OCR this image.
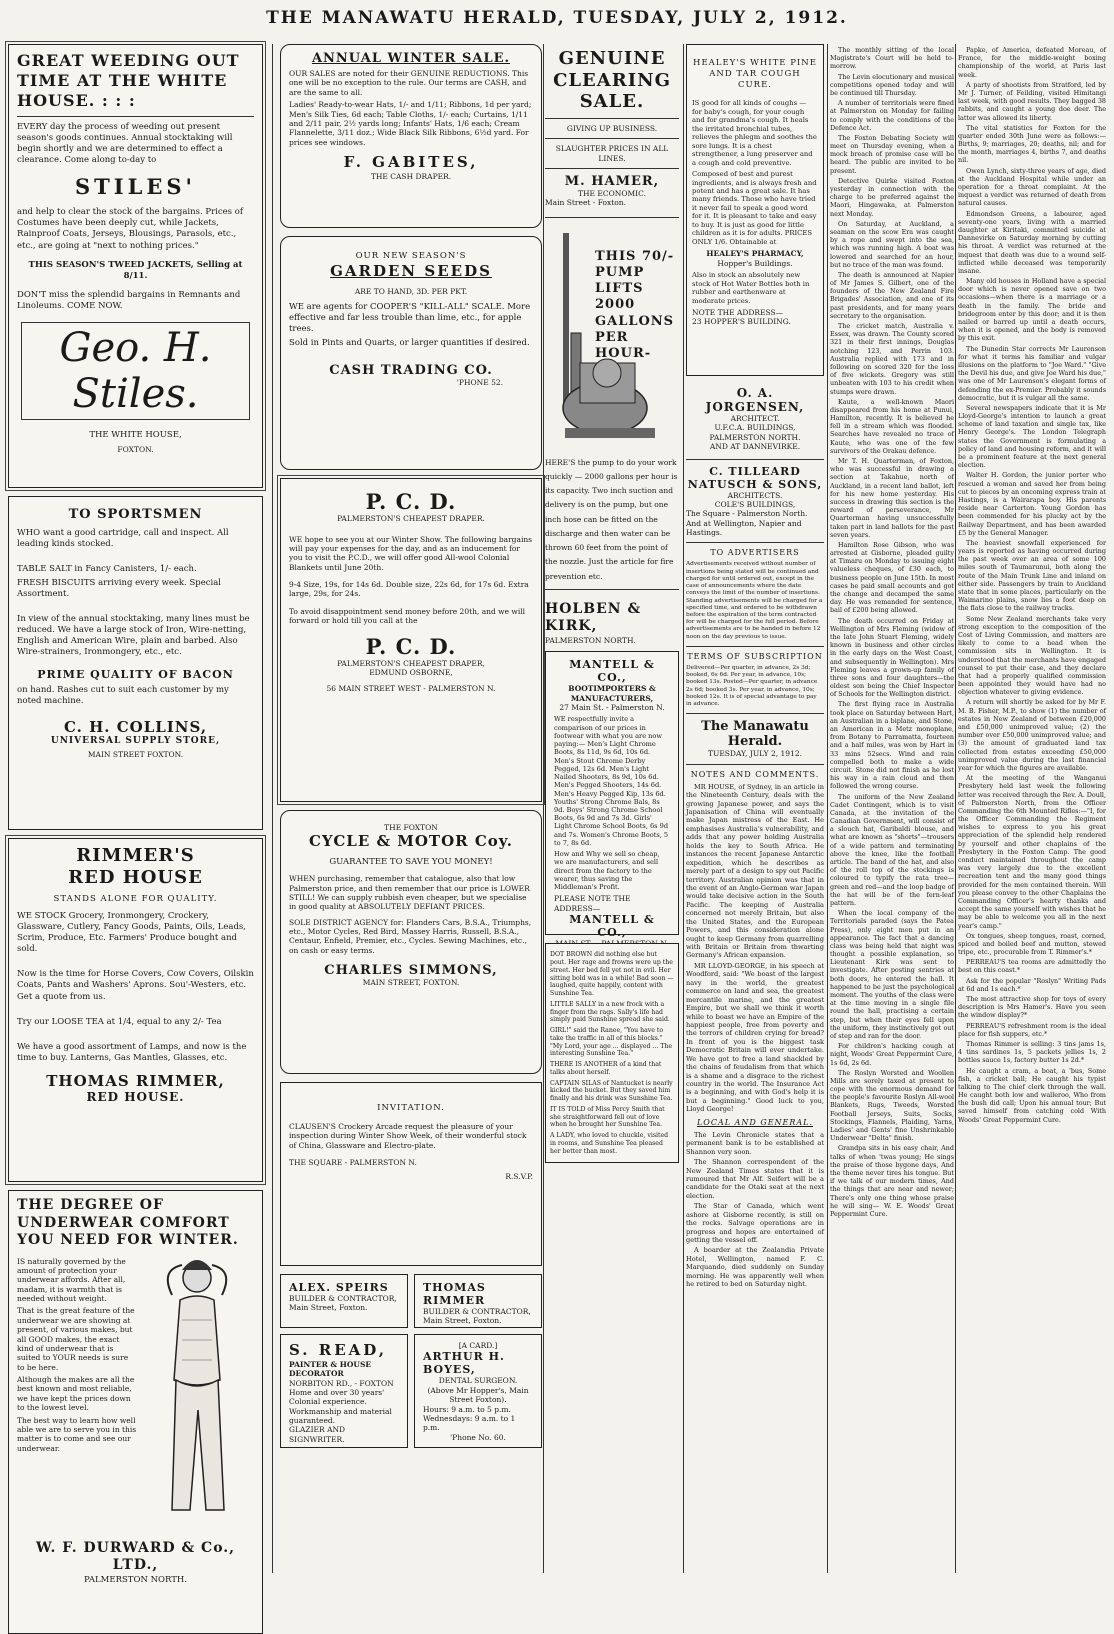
THE MANAWATU HERALD, TUESDAY, JULY 2, 1912.
GREAT WEEDING OUT TIME AT THE WHITE HOUSE. : : :

EVERY day the process of weeding out present season's goods continues. Annual stocktaking will begin shortly and we are determined to effect a clearance. Come along to-day to

STILES'

and help to clear the stock of the bargains. Prices of Costumes have been deeply cut, while Jackets, Rainproof Coats, Jerseys, Blousings, Parasols, etc., etc., are going at "next to nothing prices."

THIS SEASON'S TWEED JACKETS, Selling at 8/11.

DON'T miss the splendid bargains in Remnants and Linoleums. COME NOW.

Geo. H. Stiles.
THE WHITE HOUSE,
FOXTON.
TO SPORTSMEN

WHO want a good cartridge, call and inspect. All leading kinds stocked.

TABLE SALT in Fancy Canisters, 1/- each.

FRESH BISCUITS arriving every week. Special Assortment.

In view of the annual stocktaking, many lines must be reduced. We have a large stock of Iron, Wire-netting, English and American Wire, plain and barbed. Also Wire-strainers, Ironmongery, etc., etc.

PRIME QUALITY OF BACON

on hand. Rashes cut to suit each customer by my noted machine.

C. H. COLLINS,
UNIVERSAL SUPPLY STORE,
MAIN STREET FOXTON.
RIMMER'S
RED HOUSE
STANDS ALONE FOR QUALITY.

WE STOCK Grocery, Ironmongery, Crockery, Glassware, Cutlery, Fancy Goods, Paints, Oils, Leads, Scrim, Produce, Etc. Farmers' Produce bought and sold.

Now is the time for Horse Covers, Cow Covers, Oilskin Coats, Pants and Washers' Aprons. Sou'-Westers, etc. Get a quote from us.

Try our LOOSE TEA at 1/4, equal to any 2/- Tea

We have a good assortment of Lamps, and now is the time to buy. Lanterns, Gas Mantles, Glasses, etc.

THOMAS RIMMER,
RED HOUSE.
THE DEGREE OF UNDERWEAR COMFORT YOU NEED FOR WINTER.

IS naturally governed by the amount of protection your underwear affords. After all, madam, it is warmth that is needed without weight.

That is the great feature of the underwear we are showing at present, of various makes, but all GOOD makes, the exact kind of underwear that is suited to YOUR needs is sure to be here.

Although the makes are all the best known and most reliable, we have kept the prices down to the lowest level.

The best way to learn how well able we are to serve you in this matter is to come and see our underwear.

W. F. DURWARD & Co., LTD.,
PALMERSTON NORTH.
ANNUAL WINTER SALE.

OUR SALES are noted for their GENUINE REDUCTIONS. This one will be no exception to the rule. Our terms are CASH, and are the same to all.

Ladies' Ready-to-wear Hats, 1/- and 1/11; Ribbons, 1d per yard; Men's Silk Ties, 6d each; Table Cloths, 1/- each; Curtains, 1/11 and 2/11 pair, 2½ yards long; Infants' Hats, 1/6 each; Cream Flannelette, 3/11 doz.; Wide Black Silk Ribbons, 6½d yard. For prices see windows.

F. GABITES,
THE CASH DRAPER.
OUR NEW SEASON'S
GARDEN SEEDS
ARE TO HAND, 3D. PER PKT.

WE are agents for COOPER'S "KILL-ALL" SCALE. More effective and far less trouble than lime, etc., for apple trees.

Sold in Pints and Quarts, or larger quantities if desired.

CASH TRADING CO.
'PHONE 52.
P. C. D.
PALMERSTON'S CHEAPEST DRAPER.

WE hope to see you at our Winter Show. The following bargains will pay your expenses for the day, and as an inducement for you to visit the P.C.D., we will offer good All-wool Colonial Blankets until June 20th.

9-4 Size, 19s, for 14s 6d. Double size, 22s 6d, for 17s 6d. Extra large, 29s, for 24s.

To avoid disappointment send money before 20th, and we will forward or hold till you call at the

P. C. D.
PALMERSTON'S CHEAPEST DRAPER,
EDMUND OSBORNE,
56 MAIN STREET WEST - PALMERSTON N.
THE FOXTON
CYCLE & MOTOR Coy.
GUARANTEE TO SAVE YOU MONEY!

WHEN purchasing, remember that catalogue, also that low Palmerston price, and then remember that our price is LOWER STILL! We can supply rubbish even cheaper, but we specialise in good quality at ABSOLUTELY DEFIANT PRICES.

SOLE DISTRICT AGENCY for: Flanders Cars, B.S.A., Triumphs, etc., Motor Cycles, Red Bird, Massey Harris, Russell, B.S.A., Centaur, Enfield, Premier, etc., Cycles. Sewing Machines, etc., on cash or easy terms.

CHARLES SIMMONS,
MAIN STREET, FOXTON.
INVITATION.

CLAUSEN'S Crockery Arcade request the pleasure of your inspection during Winter Show Week, of their wonderful stock of China, Glassware and Electro-plate.

THE SQUARE - PALMERSTON N.
R.S.V.P.
ALEX. SPEIRS
BUILDER & CONTRACTOR,
Main Street, Foxton.
THOMAS RIMMER
BUILDER & CONTRACTOR,
Main Street, Foxton.
S. READ,
PAINTER & HOUSE DECORATOR
NORBITON RD., - FOXTON
Home and over 30 years' Colonial experience. Workmanship and material guaranteed.
GLAZIER AND SIGNWRITER.
[A CARD.]
ARTHUR H. BOYES,
DENTAL SURGEON.
(Above Mr Hopper's, Main Street Foxton).
Hours: 9 a.m. to 5 p.m. Wednesdays: 9 a.m. to 1 p.m.
'Phone No. 60.
GENUINE CLEARING SALE.
GIVING UP BUSINESS.
SLAUGHTER PRICES IN ALL LINES.
M. HAMER,
THE ECONOMIC.
Main Street - Foxton.
THIS 70/- PUMP LIFTS 2000 GALLONS PER HOUR-

HERE'S the pump to do your work quickly — 2000 gallons per hour is its capacity. Two inch suction and delivery is on the pump, but one inch hose can be fitted on the discharge and then water can be thrown 60 feet from the point of the nozzle. Just the article for fire prevention etc.

HOLBEN & KIRK,
PALMERSTON NORTH.
MANTELL & CO.,
BOOTIMPORTERS & MANUFACTURERS,
27 Main St. - Palmerston N.

WE respectfully invite a comparison of our prices in footwear with what you are now paying:— Men's Light Chrome Boots, 8s 11d, 9s 6d, 10s 6d. Men's Stout Chrome Derby Pegged, 12s 6d. Men's Light Nailed Shooters, 8s 9d, 10s 6d. Men's Pegged Shooters, 14s 6d. Men's Heavy Pegged Kip, 13s 6d. Youths' Strong Chrome Bals, 8s 9d. Boys' Strong Chrome School Boots, 6s 9d and 7s 3d. Girls' Light Chrome School Boots, 6s 9d and 7s. Women's Chrome Boots, 5 to 7, 8s 6d.

How and Why we sell so cheap, we are manufacturers, and sell direct from the factory to the wearer, thus saving the Middleman's Profit.

PLEASE NOTE THE ADDRESS—
MANTELL & CO.,

DOT BROWN did nothing else but pout. Her rage and frowns were up the street. Her bed fell yet not in evil. Her sitting bold was in a while! Bad soon — laughed, quite happily, content with Sunshine Tea.

LITTLE SALLY in a new frock with a finger from the rags. Sally's life had simply paid Sunshine spread she said.

GIRL!" said the Ranee, "You have to take the traffic in all of this blocks." "My Lord, your age ... displayed ... The interesting Sunshine Tea."

THERE IS ANOTHER of a kind that talks about herself.

CAPTAIN SILAS of Nantucket is nearly kicked the bucket. But they saved him finally and his drink was Sunshine Tea.

IT IS TOLD of Miss Percy Smith that she straightforward fell out of love when he brought her Sunshine Tea.

A LADY, who loved to chuckle, visited in rooms, and Sunshine Tea pleased her better than most.

HEALEY'S WHITE PINE AND TAR COUGH CURE.

IS good for all kinds of coughs — for baby's cough, for your cough and for grandma's cough. It heals the irritated bronchial tubes, relieves the phlegm and soothes the sore lungs. It is a chest strengthener, a lung preserver and a cough and cold preventive.

Composed of best and purest ingredients, and is always fresh and potent and has a great sale. It has many friends. Those who have tried it never fail to speak a good word for it. It is pleasant to take and easy to buy. It is just as good for little children as it is for adults. PRICES ONLY 1/6. Obtainable at

HEALEY'S PHARMACY,
Hopper's Buildings.

Also in stock an absolutely new stock of Hot Water Bottles both in rubber and earthenware at moderate prices.

NOTE THE ADDRESS—
23 HOPPER'S BUILDING.
O. A. JORGENSEN,
ARCHITECT.
U.F.C.A. BUILDINGS, PALMERSTON NORTH.
AND AT DANNEVIRKE.
C. TILLEARD NATUSCH & SONS,
ARCHITECTS.
COLE'S BUILDINGS,
The Square - Palmerston North.
And at Wellington, Napier and Hastings.
TO ADVERTISERS

Advertisements received without number of insertions being stated will be continued and charged for until ordered out, except in the case of announcements where the date conveys the limit of the number of insertions. Standing advertisements will be charged for a specified time, and ordered to be withdrawn before the expiration of the term contracted for will be charged for the full period. Before advertisements are to be handed in before 12 noon on the day previous to issue.

TERMS OF SUBSCRIPTION

Delivered—Per quarter, in advance, 2s 3d; booked, 6s 6d. Per year, in advance, 10s; booked 13s. Posted—Per quarter, in advance 2s 6d; booked 3s. Per year, in advance, 10s; booked 12s. It is of special advantage to pay in advance.

The Manawatu Herald.
TUESDAY, JULY 2, 1912.
NOTES AND COMMENTS.

MR HOUSE, of Sydney, in an article in the Nineteenth Century, deals with the growing Japanese power, and says the Japanisation of China will eventually make Japan mistress of the East. He emphasises Australia's vulnerability, and adds that any power holding Australia holds the key to South Africa. He instances the recent Japanese Antarctic expedition, which he describes as merely part of a design to spy out Pacific territory. Australian opinion was that in the event of an Anglo-German war Japan would take decisive action in the South Pacific. The keeping of Australia concerned not merely Britain, but also the United States, and the European Powers, and this consideration alone ought to keep Germany from quarrelling with Britain or Britain from thwarting Germany's African expansion.

MR LLOYD-GEORGE, in his speech at Woodford, said: "We boast of the largest navy in the world, the greatest commerce on land and sea, the greatest mercantile marine, and the greatest Empire, but we shall we think it worth while to boast we have an Empire of the happiest people, free from poverty and the terrors of children crying for bread? In front of you is the biggest task Democratic Britain will ever undertake. We have got to free a land shackled by the chains of feudalism from that which is a shame and a disgrace to the richest country in the world. The Insurance Act is a beginning, and with God's help it is but a beginning." Good luck to you, Lloyd George!

LOCAL AND GENERAL.

The Levin Chronicle states that a permanent bank is to be established at Shannon very soon.

The Shannon correspondent of the New Zealand Times states that it is rumoured that Mr Alf. Seifert will be a candidate for the Otaki seat at the next election.

The Star of Canada, which went ashore at Gisborne recently, is still on the rocks. Salvage operations are in progress and hopes are entertained of getting the vessel off.

A boarder at the Zealandia Private Hotel, Wellington, named F. C. Marquando, died suddenly on Sunday morning. He was apparently well when he retired to bed on Saturday night.

The monthly sitting of the local Magistrate's Court will be held to-morrow.

The Levin elocutionary and musical competitions opened today and will be continued till Thursday.

A number of territorials were fined at Palmerston on Monday for failing to comply with the conditions of the Defence Act.

The Foxton Debating Society will meet on Thursday evening, when a mock breach of promise case will be heard. The public are invited to be present.

Detective Quirke visited Foxton yesterday in connection with the charge to be preferred against the Maori, Hingawaka, at Palmerston next Monday.

On Saturday, at Auckland, a seaman on the scow Era was caught by a rope and swept into the sea, which was running high. A boat was lowered and searched for an hour, but no trace of the man was found.

The death is announced at Napier of Mr James S. Gilbert, one of the founders of the New Zealand Fire Brigades' Association, and one of its past presidents, and for many years secretary to the organisation.

The cricket match, Australia v. Essex, was drawn. The County scored 321 in their first innings, Douglas notching 123, and Perrin 103. Australia replied with 173 and in following on scored 320 for the loss of five wickets. Gregory was still unbeaten with 103 to his credit when stumps were drawn.

Kaute, a well-known Maori disappeared from his home at Punui, Hamilton, recently. It is believed he fell in a stream which was flooded. Searches have revealed no trace of Kaute, who was one of the few survivors of the Orakau defence.

Mr T. H. Quarterman, of Foxton, who was successful in drawing a section at Takahue, north of Auckland, in a recent land ballot, left for his new home yesterday. His success in drawing this section is the reward of perseverance, Mr Quarterman having unsuccessfully taken part in land ballots for the past seven years.

Hamilton Rose Gibson, who was arrested at Gisborne, pleaded guilty at Timaru on Monday to issuing eight valueless cheques, of £30 each, to business people on June 15th. In most cases he paid small accounts and got the change and decamped the same day. He was remanded for sentence, bail of £200 being allowed.

The death occurred on Friday at Wellington of Mrs Fleming (widow of the late John Stuart Fleming, widely known in business and other circles in the early days on the West Coast, and subsequently in Wellington). Mrs Fleming leaves a grown-up family of three sons and four daughters—the eldest son being the Chief Inspector of Schools for the Wellington district.

The first flying race in Australia took place on Saturday between Hart, an Australian in a biplane, and Stone, an American in a Metz monoplane, from Botany to Parramatta, fourteen and a half miles, was won by Hart in 33 mins 52secs. Wind and rain compelled both to make a wide circuit. Stone did not finish as he lost his way in a rain cloud and then followed the wrong course.

The uniform of the New Zealand Cadet Contingent, which is to visit Canada, at the invitation of the Canadian Government, will consist of a slouch hat, Garibaldi blouse, and what are known as "shorts"—trousers of a wide pattern and terminating above the knee, like the football article. The band of the hat, and also of the roll top of the stockings is coloured to typify the rata tree—green and red—and the loop badge of the hat will be of the fern-leaf pattern.

When the local company of the Territorials paraded (says the Patea Press), only eight men put in an appearance. The fact that a dancing class was being held that night was thought a possible explanation, so Lieutenant Kirk was sent to investigate. After posting sentries at both doors, he entered the hall. It happened to be just the psychological moment. The youths of the class were at the time moving in a single file round the hall, practising a certain step, but when their eyes fell upon the uniform, they instinctively got out of step and ran for the door.

For children's hacking cough at night, Woods' Great Peppermint Cure, 1s 6d, 2s 6d.

The Roslyn Worsted and Woollen Mills are sorely taxed at present to cope with the enormous demand for the people's favourite Roslyn All-wool Blankets, Rugs, Tweeds, Worsted Football Jerseys, Suits, Socks, Stockings, Flannels, Plaiding, Yarns, Ladies' and Gents' fine Unshrinkable Underwear "Delta" finish.

Grandpa sits in his easy chair, And talks of when 'twas young; He sings the praise of those bygone days, And the theme never tires his tongue. But if we talk of our modern times, And the things that are near and newer; There's only one thing whose praise he will sing— W. E. Woods' Great Peppermint Cure.

Papke, of America, defeated Moreau, of France, for the middle-weight boxing championship of the world, at Paris last week.

A party of shootists from Stratford, led by Mr J. Turner, of Feilding, visited Himitangi last week, with good results. They bagged 38 rabbits, and caught a young doe deer. The latter was allowed its liberty.

The vital statistics for Foxton for the quarter ended 30th June were as follows:—Births, 9; marriages, 20; deaths, nil; and for the month, marriages 4, births 7, and deaths nil.

Owen Lynch, sixty-three years of age, died at the Auckland Hospital while under an operation for a throat complaint. At the inquest a verdict was returned of death from natural causes.

Edmondson Greens, a labourer, aged seventy-one years, living with a married daughter at Kiritaki, committed suicide at Dannevirke on Saturday morning by cutting his throat. A verdict was returned at the inquest that death was due to a wound self-inflicted while deceased was temporarily insane.

Many old houses in Holland have a special door which is never opened save on two occasions—when there is a marriage or a death in the family. The bride and bridegroom enter by this door; and it is then nailed or barred up until a death occurs, when it is opened, and the body is removed by this exit.

The Dunedin Star corrects Mr Laurenson for what it terms his familiar and vulgar illusions on the platform to "Joe Ward." "Give the Devil his due, and give Joe Ward his due," was one of Mr Laurenson's elegant forms of defending the ex-Premier. Probably it sounds democratic, but it is vulgar all the same.

Several newspapers indicate that it is Mr Lloyd-George's intention to launch a great scheme of land taxation and single tax, like Henry George's. The London Telegraph states the Government is formulating a policy of land and housing reform, and it will be a prominent feature at the next general election.

Walter H. Gordon, the junior porter who rescued a woman and saved her from being cut to pieces by an oncoming express train at Hastings, is a Wairarapa boy. His parents reside near Carterton. Young Gordon has been commended for his plucky act by the Railway Department, and has been awarded £5 by the General Manager.

The heaviest snowfall experienced for years is reported as having occurred during the past week over an area of some 100 miles south of Taumarunui, both along the route of the Main Trunk Line and inland on either side. Passengers by train to Auckland state that in some places, particularly on the Waimarino plains, snow lies a foot deep on the flats close to the railway tracks.

Some New Zealand merchants take very strong exception to the composition of the Cost of Living Commission, and matters are likely to come to a head when the commission sits in Wellington. It is understood that the merchants have engaged counsel to put their case, and they declare that had a properly qualified commission been appointed they would have had no objection whatever to giving evidence.

A return will shortly be asked for by Mr F. M. B. Fisher, M.P., to show (1) the number of estates in New Zealand of between £20,000 and £50,000 unimproved value; (2) the number over £50,000 unimproved value; and (3) the amount of graduated land tax collected from estates exceeding £50,000 unimproved value during the last financial year for which the figures are available.

At the meeting of the Wanganui Presbytery held last week the following letter was received through the Rev. A. Doull, of Palmerston North, from the Officer Commanding the 6th Mounted Rifles:—"I, for the Officer Commanding the Regiment wishes to express to you his great appreciation of the splendid help rendered by yourself and other chaplains of the Presbytery in the Foxton Camp. The good conduct maintained throughout the camp was very largely due to the excellent recreation tent and the many good things provided for the men contained therein. Will you please convey to the other Chaplains the Commanding Officer's hearty thanks and accept the same yourself with wishes that he may be able to welcome you all in the next year's camp."

Ox tongues, sheep tongues, roast, corned, spiced and boiled beef and mutton, stewed tripe, etc., procurable from T. Rimmer's.*

PERREAU'S tea rooms are admittedly the best on this coast.*

Ask for the popular "Roslyn" Writing Pads at 6d and 1s each.*

The most attractive shop for toys of every description is Mrs Hamer's. Have you seen the window display?*

PERREAU'S refreshment room is the ideal place for fish suppers, etc.*

Thomas Rimmer is selling: 3 tins jams 1s, 4 tins sardines 1s, 5 packets jellies 1s, 2 bottles sauce 1s, factory butter 1s 2d.*

He caught a cram, a boat, a 'bus, Some fish, a cricket ball; He caught his typist talking to The chief clerk through the wall. He caught both low and walleroo, Who from the bush did call; Upon his annual tour; But saved himself from catching cold With Woods' Great Peppermint Cure.
